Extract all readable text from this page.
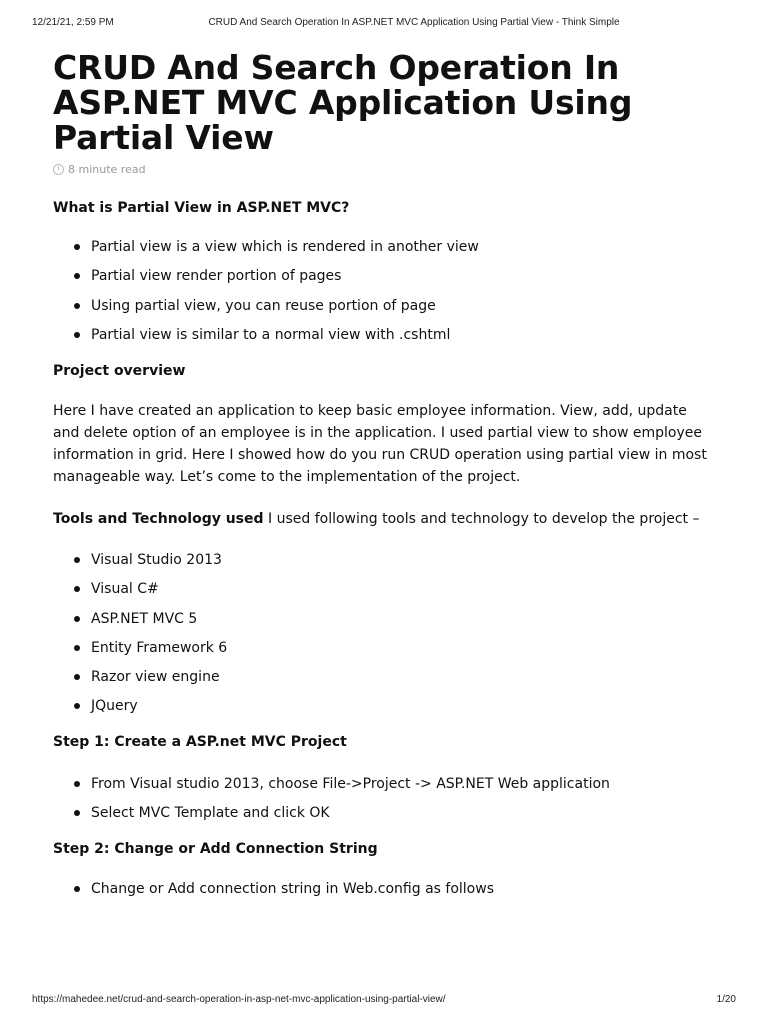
12/21/21, 2:59 PM	CRUD And Search Operation In ASP.NET MVC Application Using Partial View - Think Simple
CRUD And Search Operation In ASP.NET MVC Application Using Partial View
8 minute read

What is Partial View in ASP.NET MVC?

Partial view is a view which is rendered in another view
Partial view render portion of pages
Using partial view, you can reuse portion of page
Partial view is similar to a normal view with .cshtml

Project overview

Here I have created an application to keep basic employee information. View, add, update and delete option of an employee is in the application. I used partial view to show employee information in grid. Here I showed how do you run CRUD operation using partial view in most manageable way. Let’s come to the implementation of the project.

Tools and Technology used I used following tools and technology to develop the project –

Visual Studio 2013
Visual C#
ASP.NET MVC 5
Entity Framework 6
Razor view engine
JQuery

Step 1: Create a ASP.net MVC Project

From Visual studio 2013, choose File->Project -> ASP.NET Web application
Select MVC Template and click OK

Step 2: Change or Add Connection String

Change or Add connection string in Web.config as follows
https://mahedee.net/crud-and-search-operation-in-asp-net-mvc-application-using-partial-view/	1/20
